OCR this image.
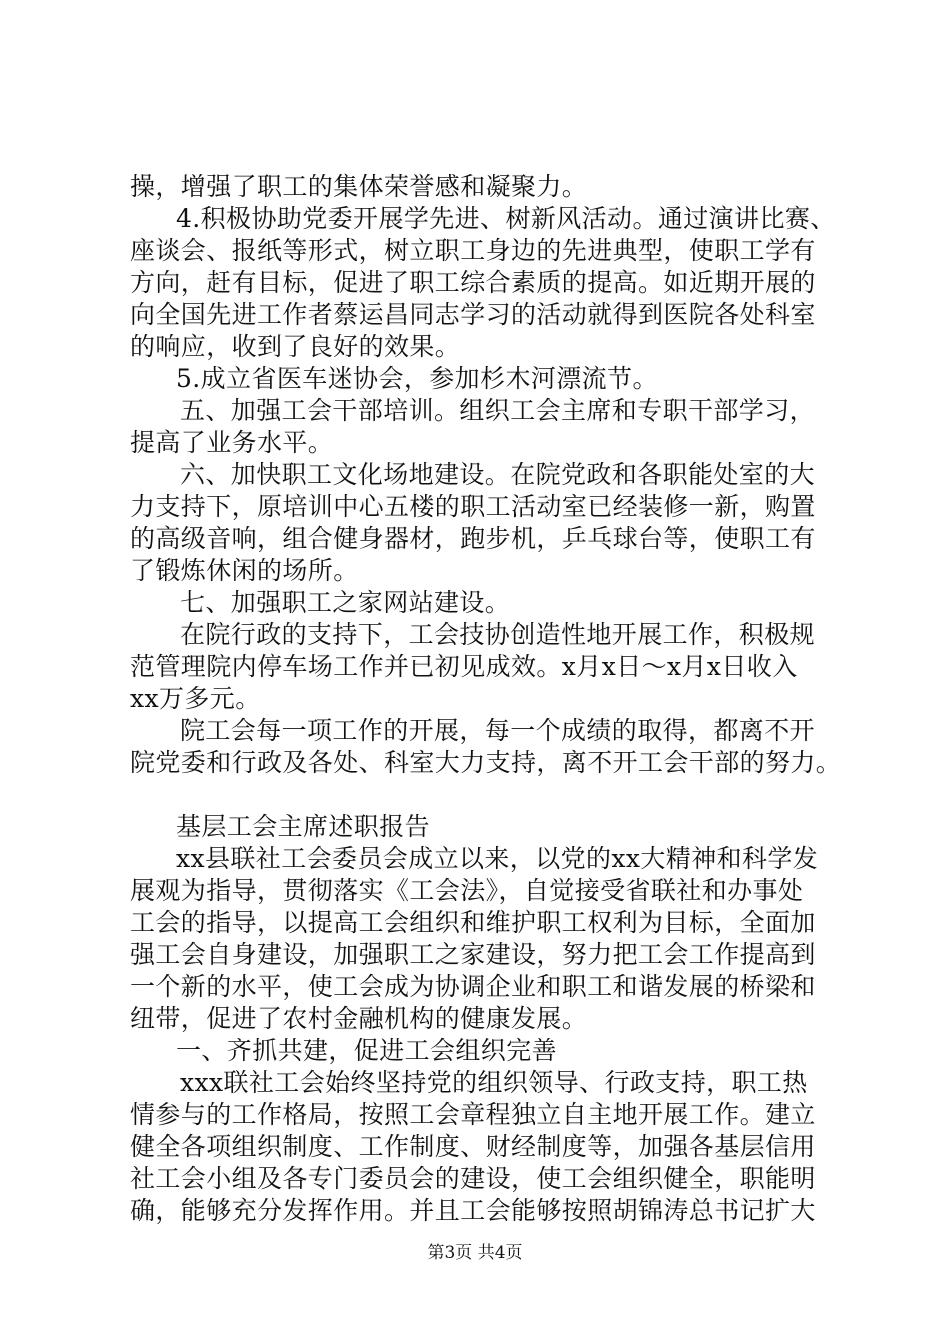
操，增强了职工的集体荣誉感和凝聚力。
4.积极协助党委开展学先进、树新风活动。通过演讲比赛、
座谈会、报纸等形式，树立职工身边的先进典型，使职工学有
方向，赶有目标，促进了职工综合素质的提高。如近期开展的
向全国先进工作者蔡运昌同志学习的活动就得到医院各处科室
的响应，收到了良好的效果。
5.成立省医车迷协会，参加杉木河漂流节。
五、加强工会干部培训。组织工会主席和专职干部学习，
提高了业务水平。
六、加快职工文化场地建设。在院党政和各职能处室的大
力支持下，原培训中心五楼的职工活动室已经装修一新，购置
的高级音响，组合健身器材，跑步机，乒乓球台等，使职工有
了锻炼休闲的场所。
七、加强职工之家网站建设。
在院行政的支持下，工会技协创造性地开展工作，积极规
范管理院内停车场工作并已初见成效。x月x日～x月x日收入
xx万多元。
院工会每一项工作的开展，每一个成绩的取得，都离不开
院党委和行政及各处、科室大力支持，离不开工会干部的努力。
基层工会主席述职报告
xx县联社工会委员会成立以来，以党的xx大精神和科学发
展观为指导，贯彻落实《工会法》，自觉接受省联社和办事处
工会的指导，以提高工会组织和维护职工权利为目标，全面加
强工会自身建设，加强职工之家建设，努力把工会工作提高到
一个新的水平，使工会成为协调企业和职工和谐发展的桥梁和
纽带，促进了农村金融机构的健康发展。
一、齐抓共建，促进工会组织完善
xxx联社工会始终坚持党的组织领导、行政支持，职工热
情参与的工作格局，按照工会章程独立自主地开展工作。建立
健全各项组织制度、工作制度、财经制度等，加强各基层信用
社工会小组及各专门委员会的建设，使工会组织健全，职能明
确，能够充分发挥作用。并且工会能够按照胡锦涛总书记扩大
第3页 共4页
